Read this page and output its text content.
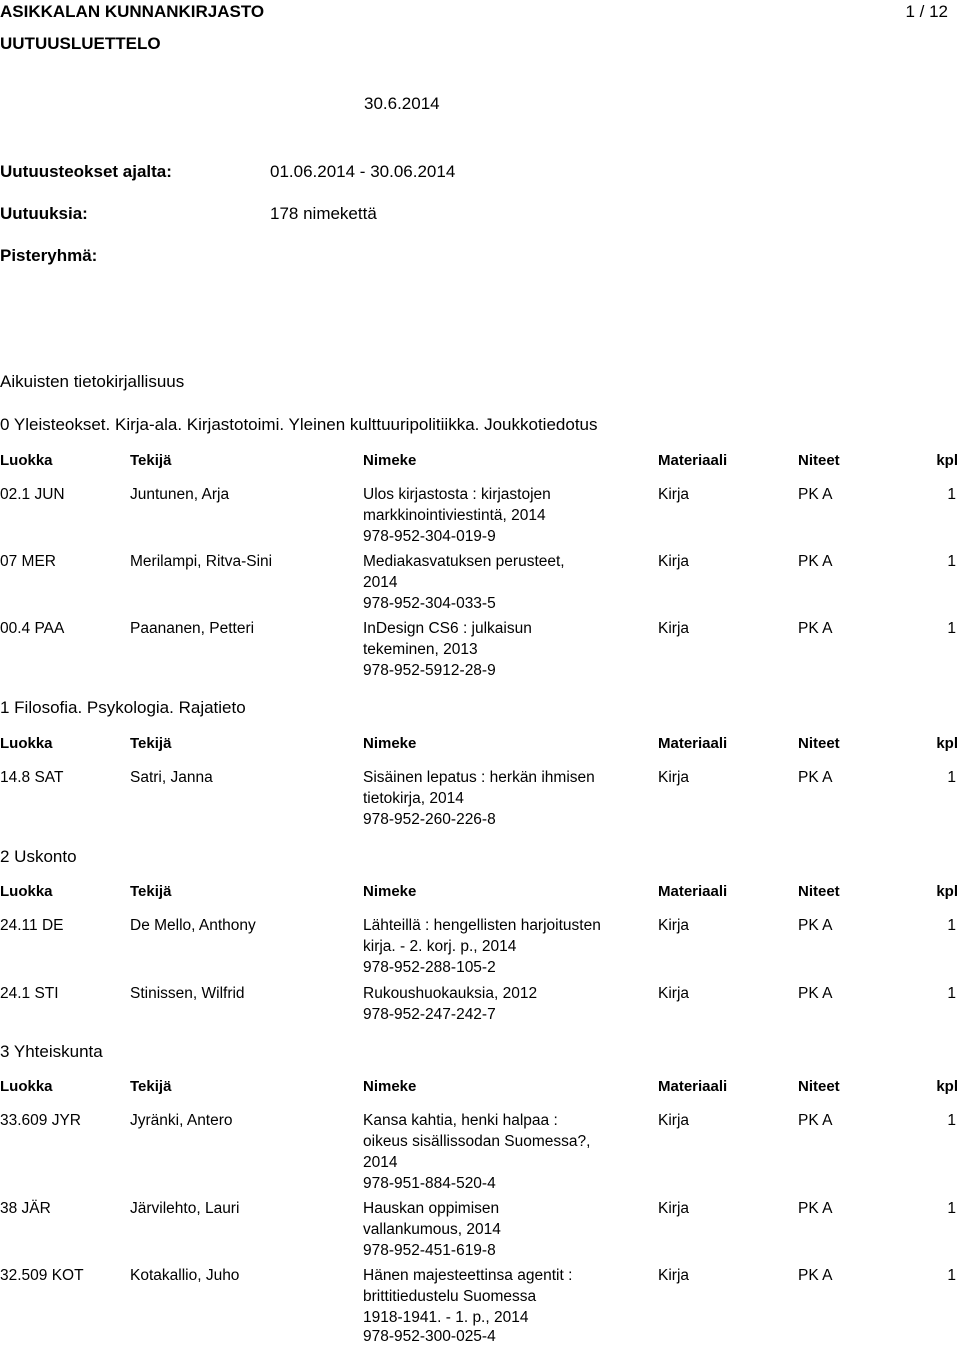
ASIKKALAN KUNNANKIRJASTO
UUTUUSLUETTELO
1 / 12
30.6.2014
Uutuusteokset ajalta:	01.06.2014 - 30.06.2014
Uutuuksia:	178 nimekettä
Pisteryhmä:
Aikuisten tietokirjallisuus
0 Yleisteokset. Kirja-ala. Kirjastotoimi. Yleinen kulttuuripolitiikka. Joukkotiedotus
Luokka	Tekijä	Nimeke	Materiaali	Niteet	kpl
02.1 JUN	Juntunen, Arja	Ulos kirjastosta : kirjastojen
markkinointiviestintä, 2014
978-952-304-019-9
Kirja	PK A	1
07 MER	Merilampi, Ritva-Sini	Mediakasvatuksen perusteet,
2014
978-952-304-033-5
Kirja	PK A	1
00.4 PAA	Paananen, Petteri	InDesign CS6 : julkaisun
tekeminen, 2013
978-952-5912-28-9
Kirja	PK A	1
1 Filosofia. Psykologia. Rajatieto
Luokka	Tekijä	Nimeke	Materiaali	Niteet	kpl
14.8 SAT	Satri, Janna	Sisäinen lepatus : herkän ihmisen
tietokirja, 2014
978-952-260-226-8
Kirja	PK A	1
2 Uskonto
Luokka	Tekijä	Nimeke	Materiaali	Niteet	kpl
24.11 DE	De Mello, Anthony	Lähteillä : hengellisten harjoitusten
kirja. - 2. korj. p., 2014
978-952-288-105-2
Kirja	PK A	1
24.1 STI	Stinissen, Wilfrid	Rukoushuokauksia, 2012
978-952-247-242-7
Kirja	PK A	1
3 Yhteiskunta
Luokka	Tekijä	Nimeke	Materiaali	Niteet	kpl
33.609 JYR	Jyränki, Antero	Kansa kahtia, henki halpaa :
oikeus sisällissodan Suomessa?,
2014
978-951-884-520-4
Kirja	PK A	1
38 JÄR	Järvilehto, Lauri	Hauskan oppimisen
vallankumous, 2014
978-952-451-619-8
Kirja	PK A	1
32.509 KOT	Kotakallio, Juho	Hänen majesteettinsa agentit :
brittitiedustelu Suomessa
1918-1941. - 1. p., 2014
978-952-300-025-4
Kirja	PK A	1
